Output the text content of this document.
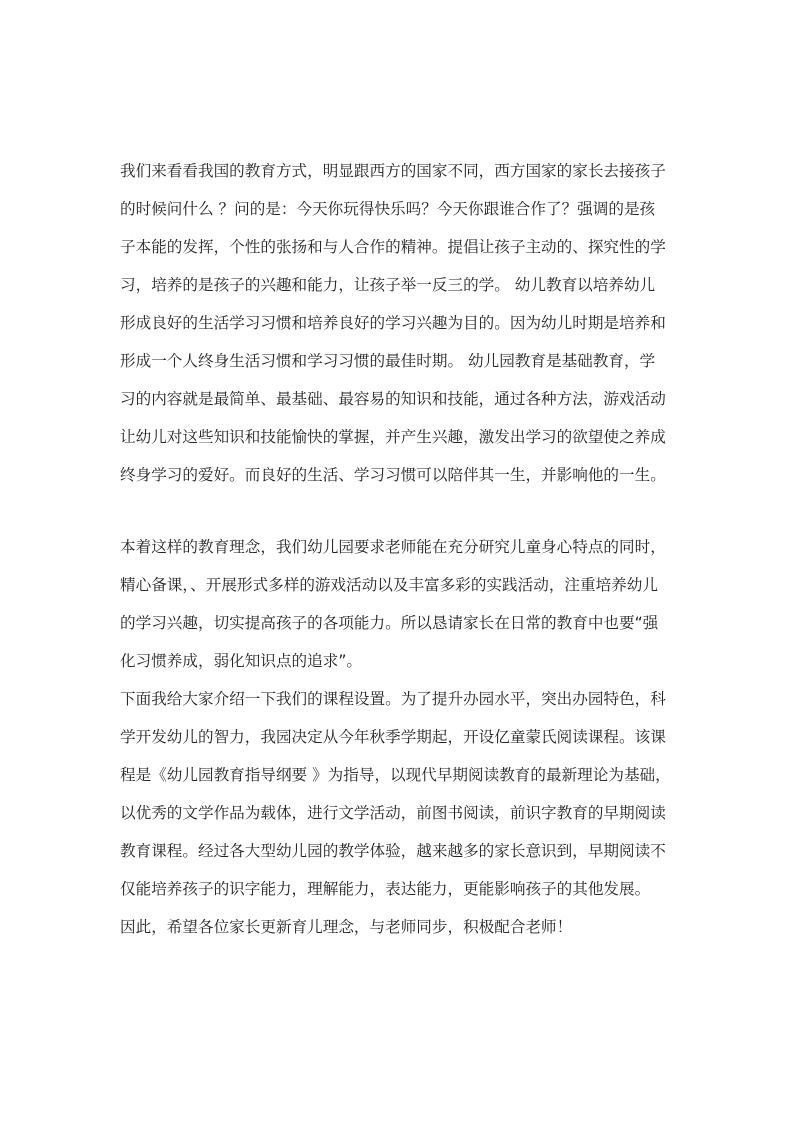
我们来看看我国的教育方式，明显跟西方的国家不同，西方国家的家长去接孩子
的时候问什么 ？问的是：今天你玩得快乐吗？今天你跟谁合作了？强调的是孩
子本能的发挥，个性的张扬和与人合作的精神。提倡让孩子主动的、探究性的学
习，培养的是孩子的兴趣和能力，让孩子举一反三的学。 幼儿教育以培养幼儿
形成良好的生活学习习惯和培养良好的学习兴趣为目的。因为幼儿时期是培养和
形成一个人终身生活习惯和学习习惯的最佳时期。 幼儿园教育是基础教育，学
习的内容就是最简单、最基础、最容易的知识和技能，通过各种方法，游戏活动
让幼儿对这些知识和技能愉快的掌握，并产生兴趣，激发出学习的欲望使之养成
终身学习的爱好。而良好的生活、学习习惯可以陪伴其一生，并影响他的一生。
本着这样的教育理念，我们幼儿园要求老师能在充分研究儿童身心特点的同时，
精心备课，、开展形式多样的游戏活动以及丰富多彩的实践活动，注重培养幼儿
的学习兴趣，切实提高孩子的各项能力。所以恳请家长在日常的教育中也要“强
化习惯养成，弱化知识点的追求”。
下面我给大家介绍一下我们的课程设置。为了提升办园水平，突出办园特色，科
学开发幼儿的智力，我园决定从今年秋季学期起，开设亿童蒙氏阅读课程。该课
程是《幼儿园教育指导纲要 》为指导，以现代早期阅读教育的最新理论为基础，
以优秀的文学作品为载体，进行文学活动，前图书阅读，前识字教育的早期阅读
教育课程。经过各大型幼儿园的教学体验，越来越多的家长意识到，早期阅读不
仅能培养孩子的识字能力，理解能力，表达能力，更能影响孩子的其他发展。
因此，希望各位家长更新育儿理念，与老师同步，积极配合老师！
